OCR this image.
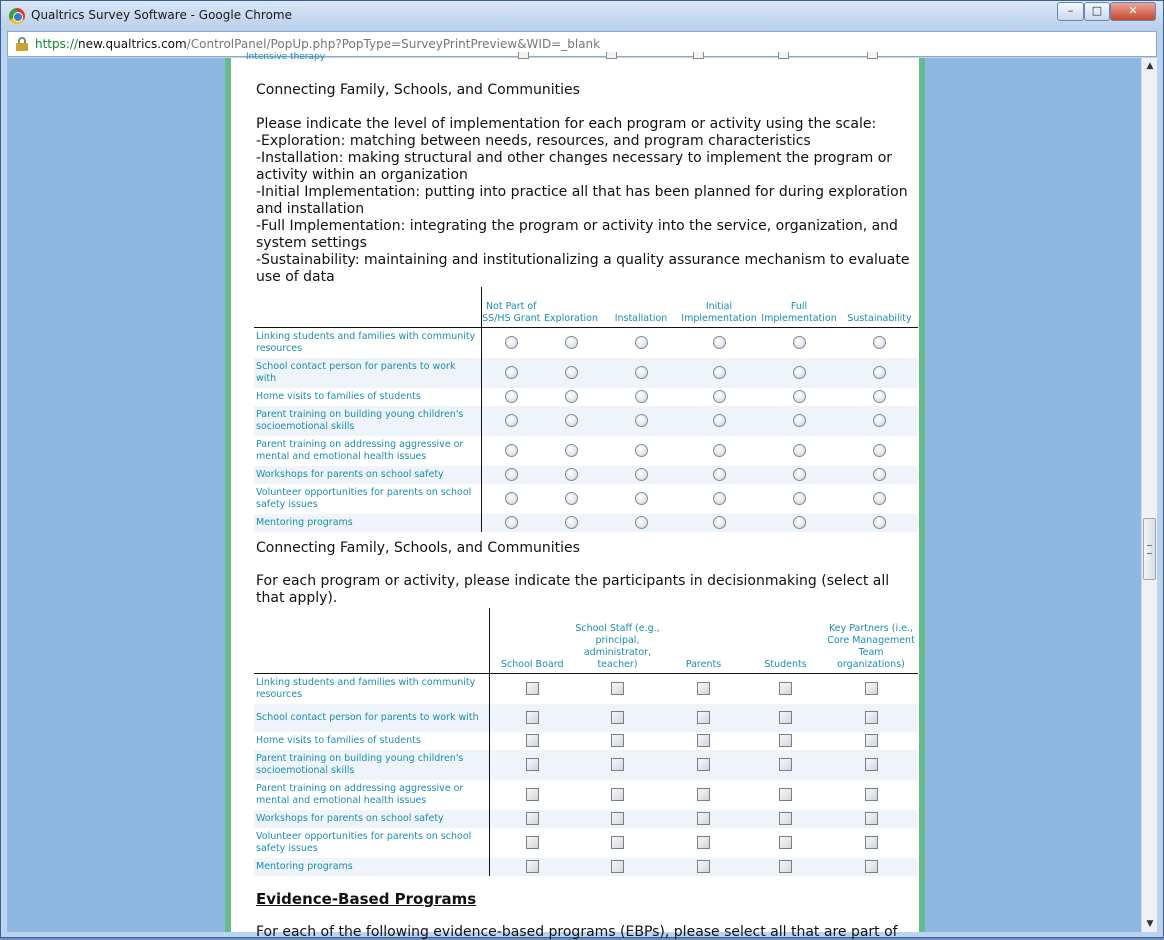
Qualtrics Survey Software - Google Chrome	–	□	✕
https://new.qualtrics.com/ControlPanel/PopUp.php?PopType=SurveyPrintPreview&WID=_blank
Intensive therapy
Connecting Family, Schools, and Communities
Please indicate the level of implementation for each program or activity using the scale:
-Exploration: matching between needs, resources, and program characteristics
-Installation: making structural and other changes necessary to implement the program or activity within an organization
-Initial Implementation: putting into practice all that has been planned for during exploration and installation
-Full Implementation: integrating the program or activity into the service, organization, and system settings
-Sustainability: maintaining and institutionalizing a quality assurance mechanism to evaluate use of data
	Not Part of SS/HS Grant	Exploration	Installation	Initial Implementation	Full Implementation	Sustainability
Linking students and families with community resources						
School contact person for parents to work with						
Home visits to families of students						
Parent training on building young children's socioemotional skills						
Parent training on addressing aggressive or mental and emotional health issues						
Workshops for parents on school safety						
Volunteer opportunities for parents on school safety issues						
Mentoring programs						
Connecting Family, Schools, and Communities
For each program or activity, please indicate the participants in decisionmaking (select all that apply).
	School Board	School Staff (e.g., principal, administrator, teacher)	Parents	Students	Key Partners (i.e., Core Management Team organizations)
Linking students and families with community resources					
School contact person for parents to work with					
Home visits to families of students					
Parent training on building young children's socioemotional skills					
Parent training on addressing aggressive or mental and emotional health issues					
Workshops for parents on school safety					
Volunteer opportunities for parents on school safety issues					
Mentoring programs					
Evidence-Based Programs
For each of the following evidence-based programs (EBPs), please select all that are part of
▲
▼
